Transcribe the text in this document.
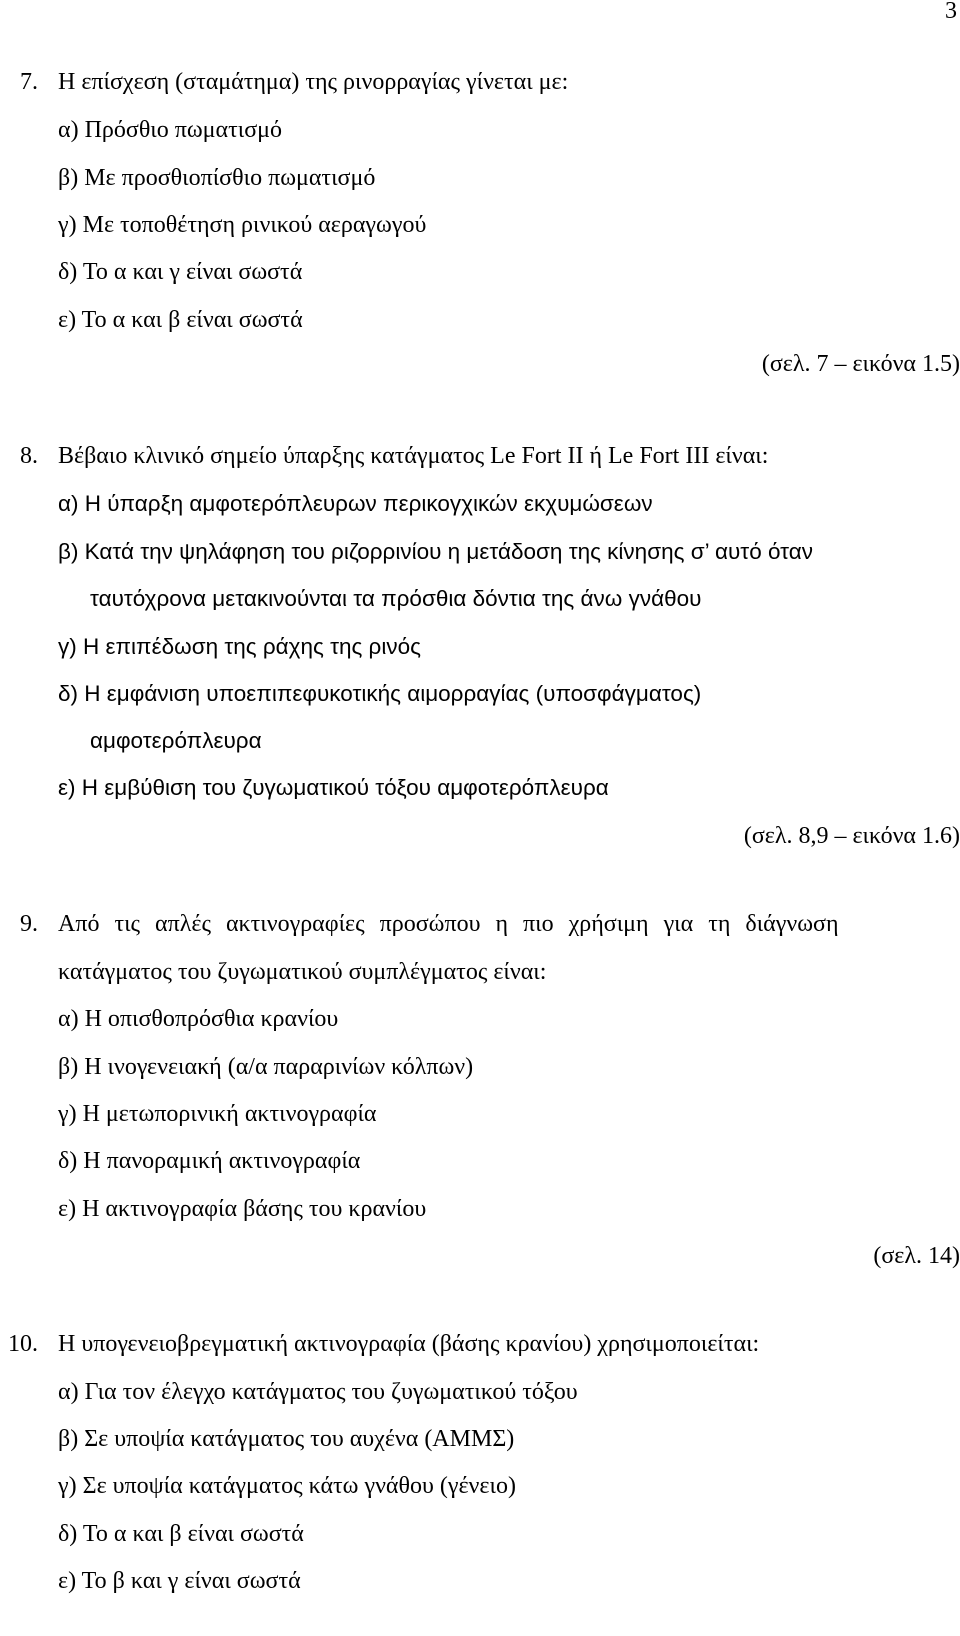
3
7. Η επίσχεση (σταμάτημα) της ρινορραγίας γίνεται με:
α) Πρόσθιο πωματισμό
β) Με προσθιοπίσθιο πωματισμό
γ) Με τοποθέτηση ρινικού αεραγωγού
δ) Το α και γ είναι σωστά
ε) Το α και β είναι σωστά
(σελ. 7 – εικόνα 1.5)
8. Βέβαιο κλινικό σημείο ύπαρξης κατάγματος Le Fort II ή Le Fort III είναι:
α) Η ύπαρξη αμφοτερόπλευρων περικογχικών εκχυμώσεων
β) Κατά την ψηλάφηση του ριζορρινίου η μετάδοση της κίνησης σ’ αυτό όταν
ταυτόχρονα μετακινούνται τα πρόσθια δόντια της άνω γνάθου
γ) Η επιπέδωση της ράχης της ρινός
δ) Η εμφάνιση υποεπιπεφυκοτικής αιμορραγίας (υποσφάγματος)
αμφοτερόπλευρα
ε) Η εμβύθιση του ζυγωματικού τόξου αμφοτερόπλευρα
(σελ. 8,9 – εικόνα 1.6)
9. Από τις απλές ακτινογραφίες προσώπου η πιο χρήσιμη για τη διάγνωση
κατάγματος του ζυγωματικού συμπλέγματος είναι:
α) Η οπισθοπρόσθια κρανίου
β) Η ινογενειακή (α/α παραρινίων κόλπων)
γ) Η μετωπορινική ακτινογραφία
δ) Η πανοραμική ακτινογραφία
ε) Η ακτινογραφία βάσης του κρανίου
(σελ. 14)
10. Η υπογενειοβρεγματική ακτινογραφία (βάσης κρανίου) χρησιμοποιείται:
α) Για τον έλεγχο κατάγματος του ζυγωματικού τόξου
β) Σε υποψία κατάγματος του αυχένα (ΑΜΜΣ)
γ) Σε υποψία κατάγματος κάτω γνάθου (γένειο)
δ) Το α και β είναι σωστά
ε) Το β και γ είναι σωστά
